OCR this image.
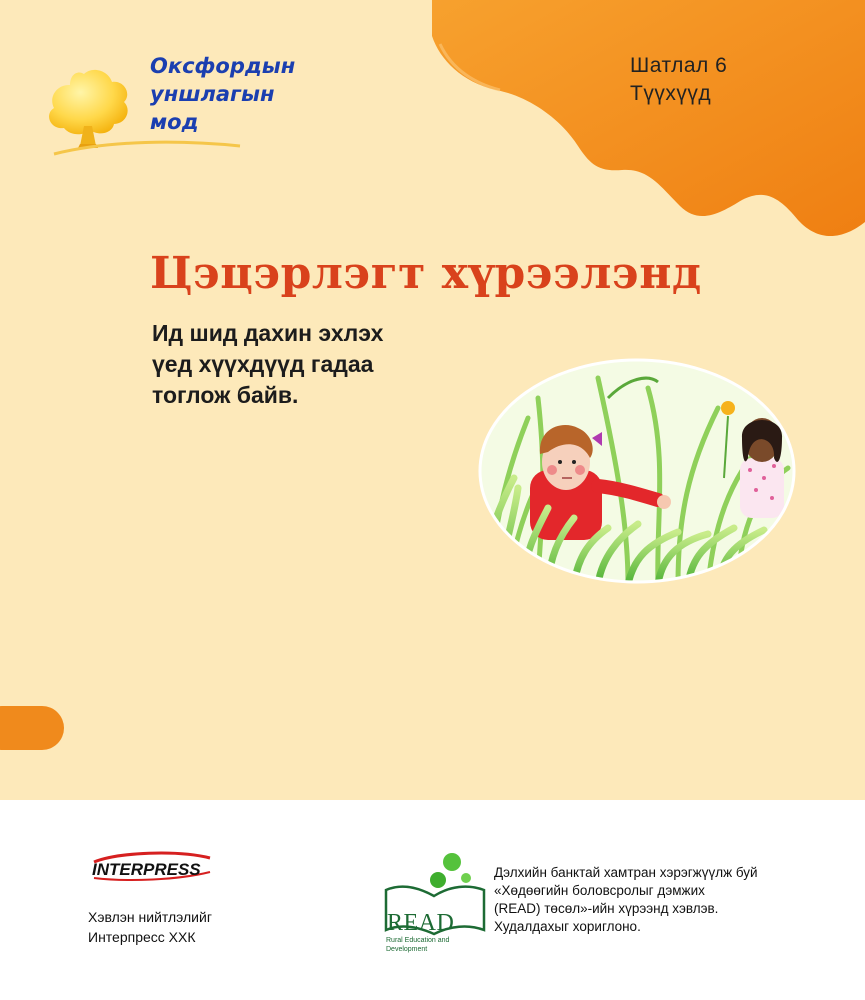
Оксфордын
уншлагын
мод
Шатлал 6
Түүхүүд
Цэцэрлэгт хүрээлэнд
Ид шид дахин эхлэх
үед хүүхдүүд гадаа
тоглож байв.
INTERPRESS
Хэвлэн нийтлэлийг
Интерпресс ХХК
READ
Rural Education and
Development
Дэлхийн банктай хамтран хэрэгжүүлж буй
«Хөдөөгийн боловсролыг дэмжих
(READ) төсөл»-ийн хүрээнд хэвлэв.
Худалдахыг хориглоно.
